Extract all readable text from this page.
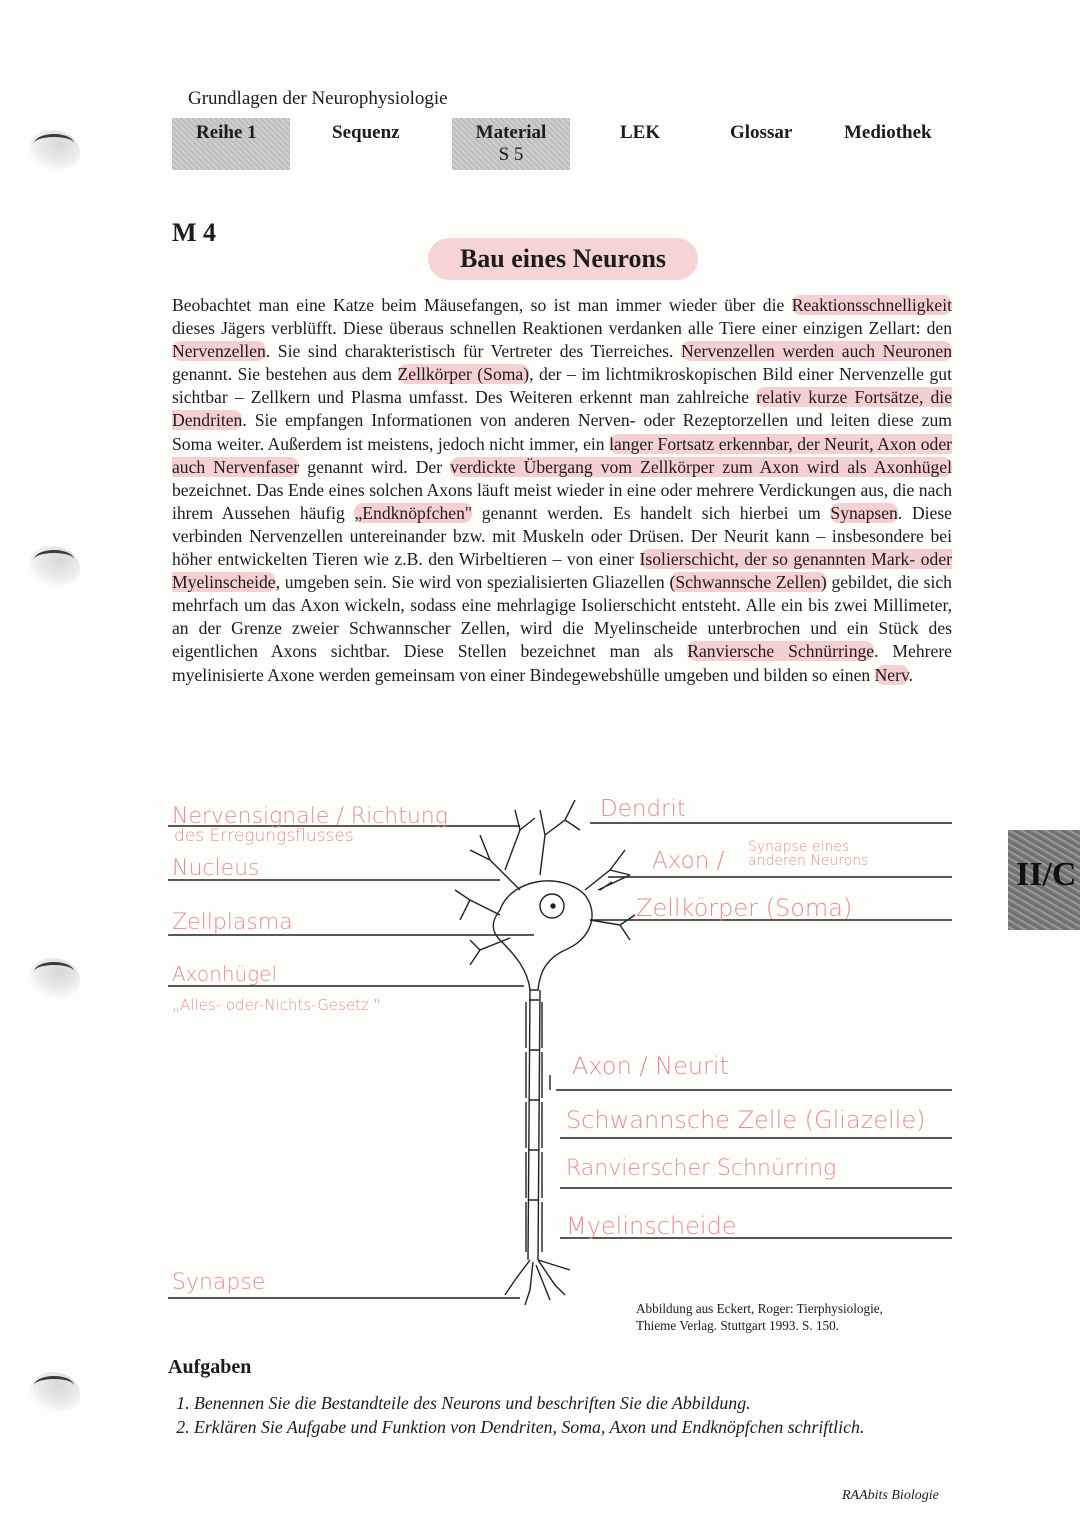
Grundlagen der Neurophysiologie
Reihe 1	Sequenz	Material
S 5
LEK	Glossar	Mediothek
M 4
Bau eines Neurons
Beobachtet man eine Katze beim Mäusefangen, so ist man immer wieder über die Reaktionsschnelligkeit dieses Jägers verblüfft. Diese überaus schnellen Reaktionen verdanken alle Tiere einer einzigen Zellart: den Nervenzellen. Sie sind charakteristisch für Vertreter des Tierreiches. Nervenzellen werden auch Neuronen genannt. Sie bestehen aus dem Zellkörper (Soma), der – im lichtmikroskopischen Bild einer Nervenzelle gut sichtbar – Zellkern und Plasma umfasst. Des Weiteren erkennt man zahlreiche relativ kurze Fortsätze, die Dendriten. Sie empfangen Informationen von anderen Nerven- oder Rezeptorzellen und leiten diese zum Soma weiter. Außerdem ist meistens, jedoch nicht immer, ein langer Fortsatz erkennbar, der Neurit, Axon oder auch Nervenfaser genannt wird. Der verdickte Übergang vom Zellkörper zum Axon wird als Axonhügel bezeichnet. Das Ende eines solchen Axons läuft meist wieder in eine oder mehrere Verdickungen aus, die nach ihrem Aussehen häufig „Endknöpfchen" genannt werden. Es handelt sich hierbei um Synapsen. Diese verbinden Nervenzellen untereinander bzw. mit Muskeln oder Drüsen. Der Neurit kann – insbesondere bei höher entwickelten Tieren wie z.B. den Wirbeltieren – von einer Isolierschicht, der so genannten Mark- oder Myelinscheide, umgeben sein. Sie wird von spezialisierten Gliazellen (Schwannsche Zellen) gebildet, die sich mehrfach um das Axon wickeln, sodass eine mehrlagige Isolierschicht entsteht. Alle ein bis zwei Millimeter, an der Grenze zweier Schwannscher Zellen, wird die Myelinscheide unterbrochen und ein Stück des eigentlichen Axons sichtbar. Diese Stellen bezeichnet man als Ranviersche Schnürringe. Mehrere myelinisierte Axone werden gemeinsam von einer Bindegewebshülle umgeben und bilden so einen Nerv.
Nervensignale / Richtung
des Erregungsflusses
Nucleus
Zellplasma
Axonhügel
„Alles- oder-Nichts-Gesetz "
Synapse
Dendrit
Axon /
Synapse eines
anderen Neurons
Zellkörper (Soma)
Axon / Neurit
Schwannsche Zelle (Gliazelle)
Ranvierscher Schnürring
Myelinscheide
Abbildung aus Eckert, Roger: Tierphysiologie,
Thieme Verlag. Stuttgart 1993. S. 150.
Aufgaben
1. Benennen Sie die Bestandteile des Neurons und beschriften Sie die Abbildung.
2. Erklären Sie Aufgabe und Funktion von Dendriten, Soma, Axon und Endknöpfchen schriftlich.
RAAbits Biologie
II/C
